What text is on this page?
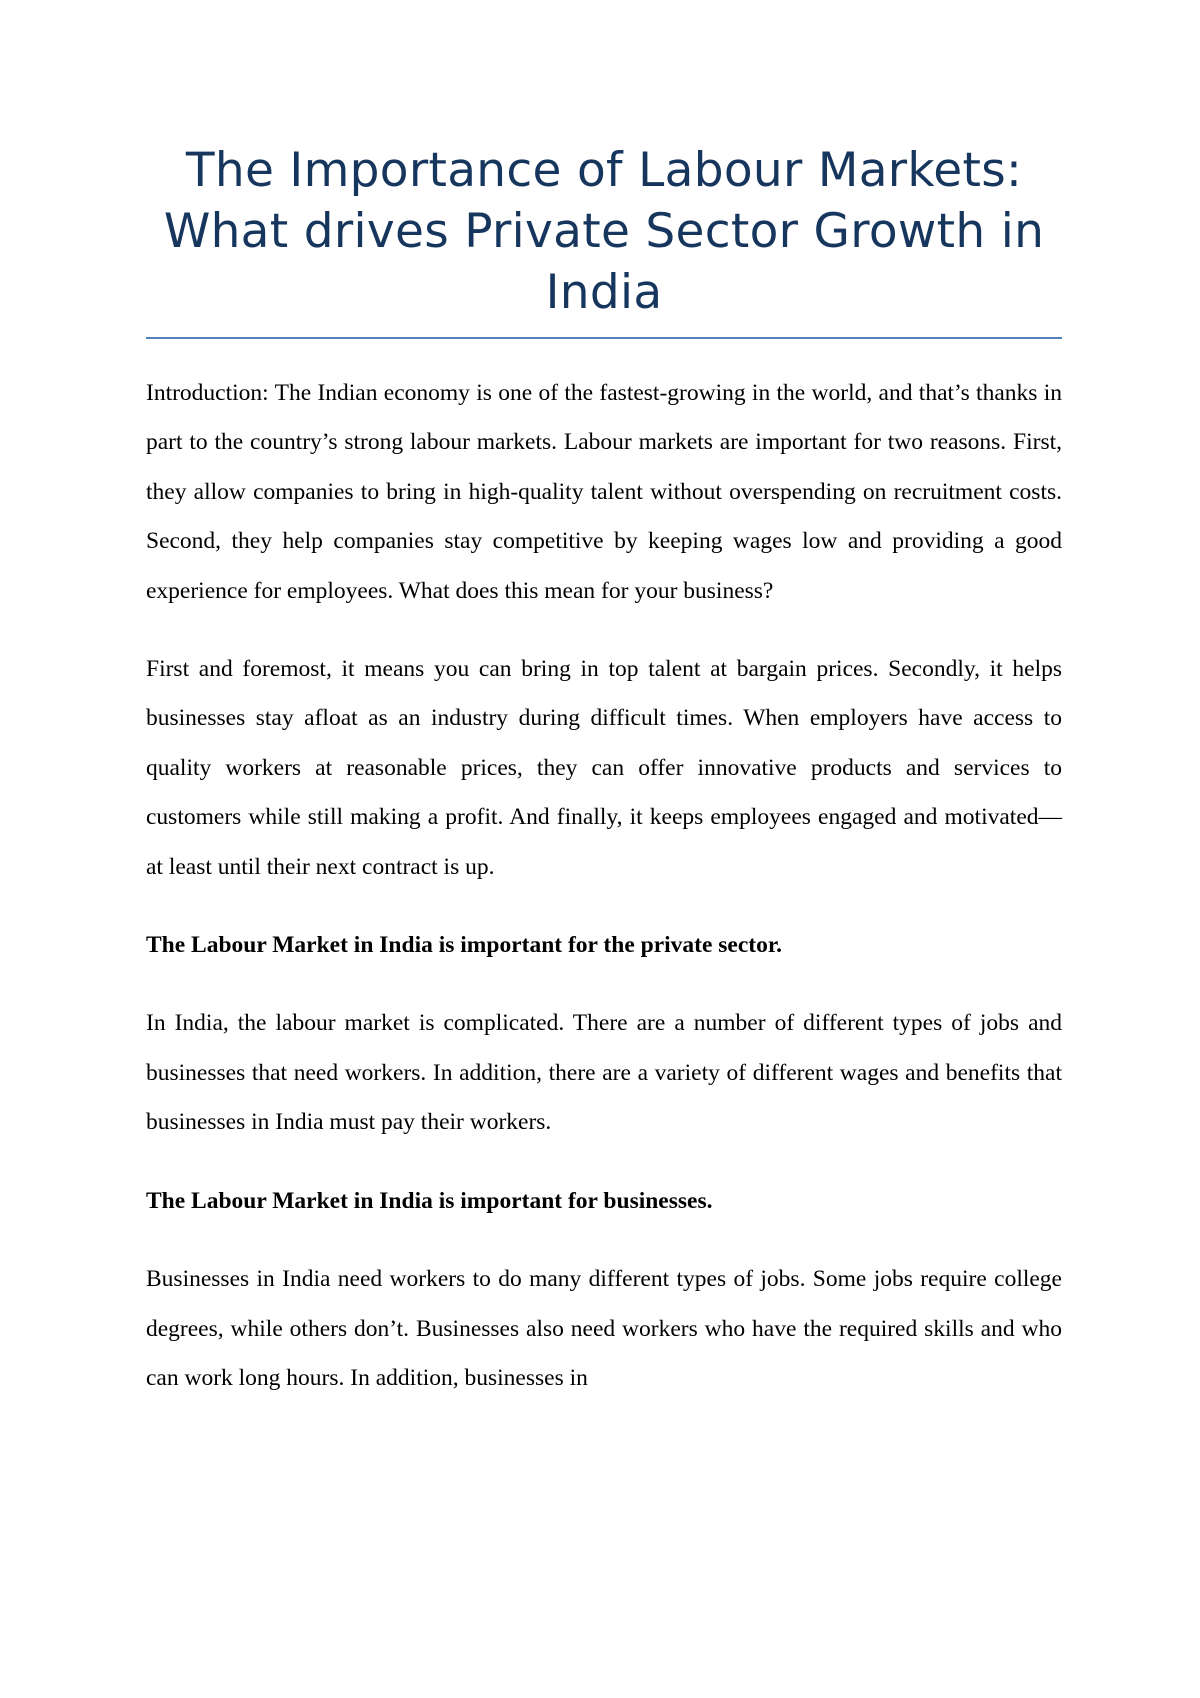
The Importance of Labour Markets: What drives Private Sector Growth in India

Introduction: The Indian economy is one of the fastest-growing in the world, and that’s thanks in part to the country’s strong labour markets. Labour markets are important for two reasons. First, they allow companies to bring in high-quality talent without overspending on recruitment costs. Second, they help companies stay competitive by keeping wages low and providing a good experience for employees. What does this mean for your business?

First and foremost, it means you can bring in top talent at bargain prices. Secondly, it helps businesses stay afloat as an industry during difficult times. When employers have access to quality workers at reasonable prices, they can offer innovative products and services to customers while still making a profit. And finally, it keeps employees engaged and motivated—at least until their next contract is up.

The Labour Market in India is important for the private sector.

In India, the labour market is complicated. There are a number of different types of jobs and businesses that need workers. In addition, there are a variety of different wages and benefits that businesses in India must pay their workers.

The Labour Market in India is important for businesses.

Businesses in India need workers to do many different types of jobs. Some jobs require college degrees, while others don’t. Businesses also need workers who have the required skills and who can work long hours. In addition, businesses in
